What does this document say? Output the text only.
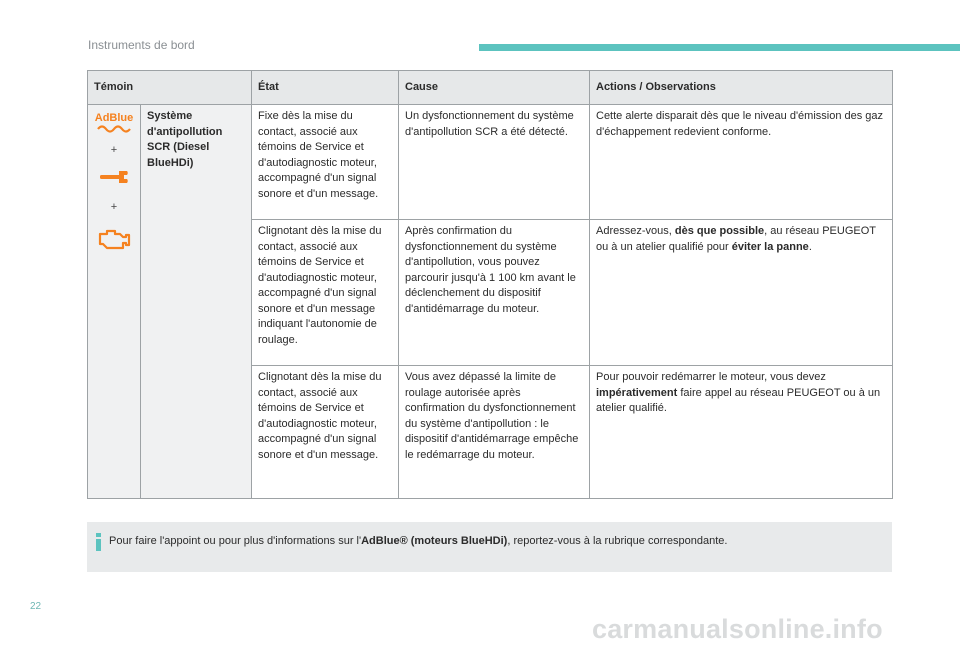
Instruments de bord
Témoin		État	Cause	Actions / Observations

AdBlue
+
+	Système d'antipollution SCR (Diesel BlueHDi)	Fixe dès la mise du contact, associé aux témoins de Service et d'autodiagnostic moteur, accompagné d'un signal sonore et d'un message.	Un dysfonctionnement du système d'antipollution SCR a été détecté.	Cette alerte disparait dès que le niveau d'émission des gaz d'échappement redevient conforme.
		Clignotant dès la mise du contact, associé aux témoins de Service et d'autodiagnostic moteur, accompagné d'un signal sonore et d'un message indiquant l'autonomie de roulage.	Après confirmation du dysfonctionnement du système d'antipollution, vous pouvez parcourir jusqu'à 1 100 km avant le déclenchement du dispositif d'antidémarrage du moteur.	Adressez-vous, dès que possible, au réseau PEUGEOT ou à un atelier qualifié pour éviter la panne.
		Clignotant dès la mise du contact, associé aux témoins de Service et d'autodiagnostic moteur, accompagné d'un signal sonore et d'un message.	Vous avez dépassé la limite de roulage autorisée après confirmation du dysfonctionnement du système d'antipollution : le dispositif d'antidémarrage empêche le redémarrage du moteur.	Pour pouvoir redémarrer le moteur, vous devez impérativement faire appel au réseau PEUGEOT ou à un atelier qualifié.
Pour faire l'appoint ou pour plus d'informations sur l'AdBlue® (moteurs BlueHDi), reportez-vous à la rubrique correspondante.
22
carmanualsonline.info
